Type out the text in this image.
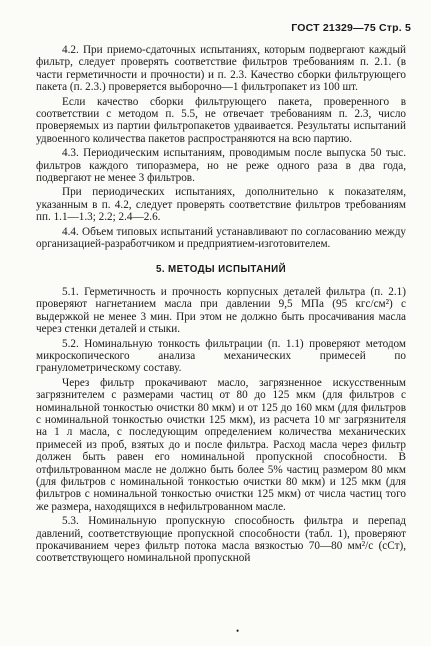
ГОСТ 21329—75 Стр. 5

4.2. При приемо-сдаточных испытаниях, которым подвергают каждый фильтр, следует проверять соответствие фильтров требованиям п. 2.1. (в части герметичности и прочности) и п. 2.3. Качество сборки фильтрующего пакета (п. 2.3.) проверяется выборочно—1 фильтропакет из 100 шт.

Если качество сборки фильтрующего пакета, проверенного в соответствии с методом п. 5.5, не отвечает требованиям п. 2.3, число проверяемых из партии фильтропакетов удваивается. Результаты испытаний удвоенного количества пакетов распространяются на всю партию.

4.3. Периодическим испытаниям, проводимым после выпуска 50 тыс. фильтров каждого типоразмера, но не реже одного раза в два года, подвергают не менее 3 фильтров.

При периодических испытаниях, дополнительно к показателям, указанным в п. 4.2, следует проверять соответствие фильтров требованиям пп. 1.1—1.3; 2.2; 2.4—2.6.

4.4. Объем типовых испытаний устанавливают по согласованию между организацией-разработчиком и предприятием-изготовителем.

5. МЕТОДЫ ИСПЫТАНИЙ

5.1. Герметичность и прочность корпусных деталей фильтра (п. 2.1) проверяют нагнетанием масла при давлении 9,5 МПа (95 кгс/см²) с выдержкой не менее 3 мин. При этом не должно быть просачивания масла через стенки деталей и стыки.

5.2. Номинальную тонкость фильтрации (п. 1.1) проверяют методом микроскопического анализа механических примесей по гранулометрическому составу.

Через фильтр прокачивают масло, загрязненное искусственным загрязнителем с размерами частиц от 80 до 125 мкм (для фильтров с номинальной тонкостью очистки 80 мкм) и от 125 до 160 мкм (для фильтров с номинальной тонкостью очистки 125 мкм), из расчета 10 мг загрязнителя на 1 л масла, с последующим определением количества механических примесей из проб, взятых до и после фильтра. Расход масла через фильтр должен быть равен его номинальной пропускной способности. В отфильтрованном масле не должно быть более 5% частиц размером 80 мкм (для фильтров с номинальной тонкостью очистки 80 мкм) и 125 мкм (для фильтров с номинальной тонкостью очистки 125 мкм) от числа частиц того же размера, находящихся в нефильтрованном масле.

5.3. Номинальную пропускную способность фильтра и перепад давлений, соответствующие пропускной способности (табл. 1), проверяют прокачиванием через фильтр потока масла вязкостью 70—80 мм²/с (сСт), соответствующего номинальной пропускной

•
